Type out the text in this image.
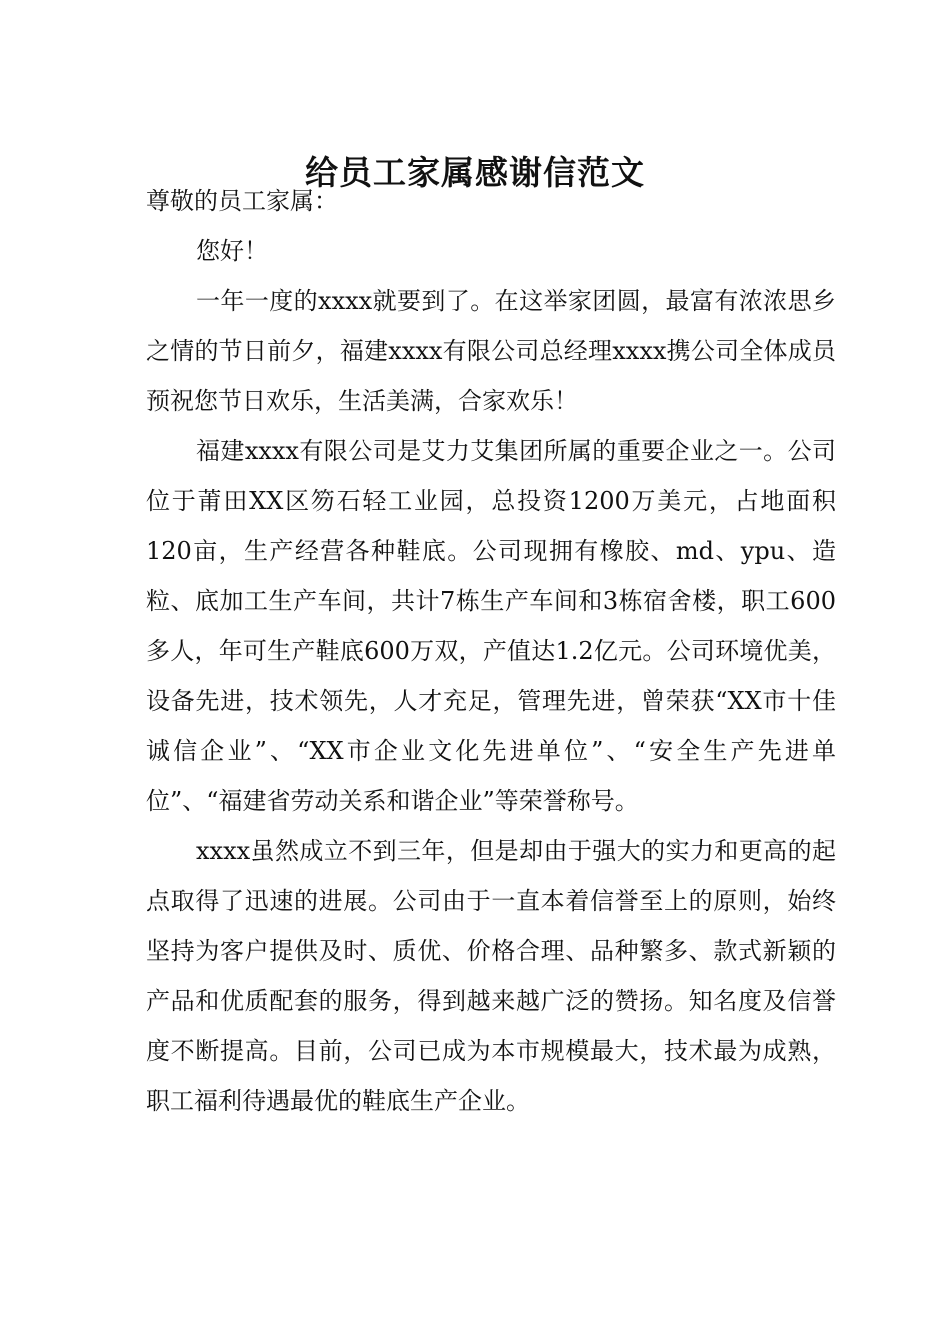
给员工家属感谢信范文

尊敬的员工家属：

您好！

一年一度的xxxx就要到了。在这举家团圆，最富有浓浓思乡之情的节日前夕，福建xxxx有限公司总经理xxxx携公司全体成员预祝您节日欢乐，生活美满，合家欢乐！

福建xxxx有限公司是艾力艾集团所属的重要企业之一。公司位于莆田XX区笏石轻工业园，总投资1200万美元，占地面积120亩，生产经营各种鞋底。公司现拥有橡胶、md、ypu、造粒、底加工生产车间，共计7栋生产车间和3栋宿舍楼，职工600多人，年可生产鞋底600万双，产值达1.2亿元。公司环境优美，设备先进，技术领先，人才充足，管理先进，曾荣获“XX市十佳诚信企业”、“XX市企业文化先进单位”、“安全生产先进单位”、“福建省劳动关系和谐企业”等荣誉称号。

xxxx虽然成立不到三年，但是却由于强大的实力和更高的起点取得了迅速的进展。公司由于一直本着信誉至上的原则，始终坚持为客户提供及时、质优、价格合理、品种繁多、款式新颖的产品和优质配套的服务，得到越来越广泛的赞扬。知名度及信誉度不断提高。目前，公司已成为本市规模最大，技术最为成熟，职工福利待遇最优的鞋底生产企业。
